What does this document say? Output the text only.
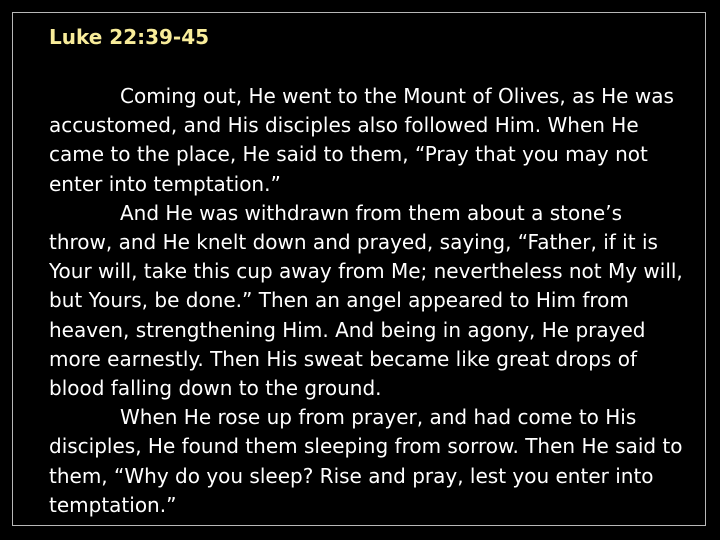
Luke 22:39-45

Coming out, He went to the Mount of Olives, as He was accustomed, and His disciples also followed Him. When He came to the place, He said to them, “Pray that you may not enter into temptation.”

And He was withdrawn from them about a stone’s throw, and He knelt down and prayed, saying, “Father, if it is Your will, take this cup away from Me; nevertheless not My will, but Yours, be done.” Then an angel appeared to Him from heaven, strengthening Him. And being in agony, He prayed more earnestly. Then His sweat became like great drops of blood falling down to the ground.

When He rose up from prayer, and had come to His disciples, He found them sleeping from sorrow. Then He said to them, “Why do you sleep? Rise and pray, lest you enter into temptation.”
